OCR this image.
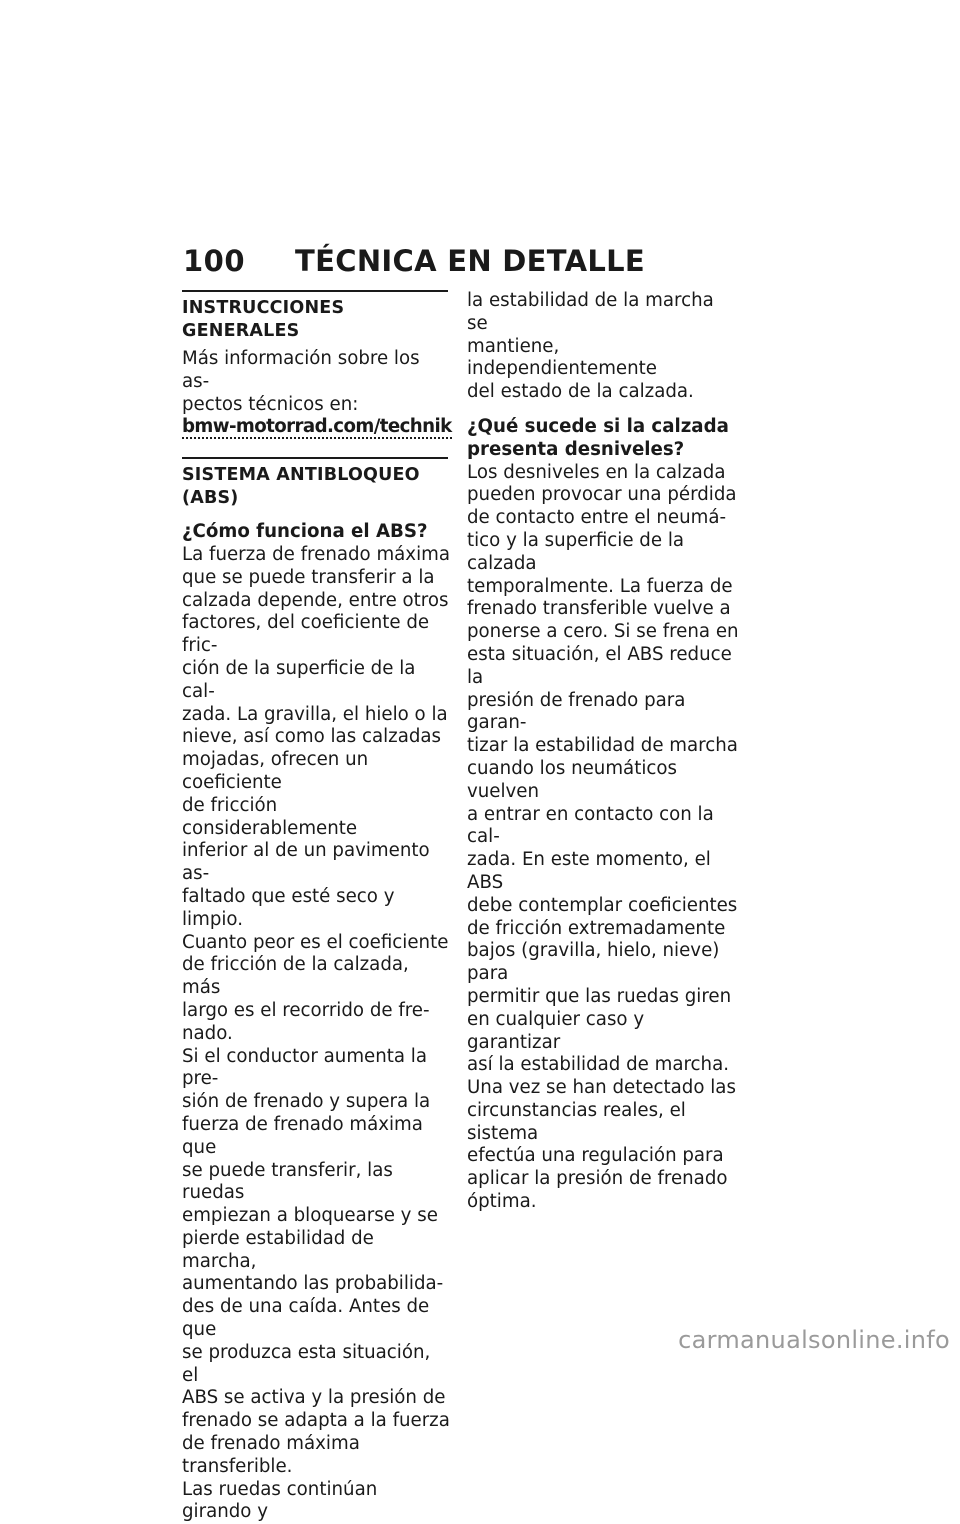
100 TÉCNICA EN DETALLE
INSTRUCCIONES GENERALES

Más información sobre los as-

pectos técnicos en:

bmw-motorrad.com/technik

SISTEMA ANTIBLOQUEO
(ABS)

¿Cómo funciona el ABS?

La fuerza de frenado máxima

que se puede transferir a la

calzada depende, entre otros

factores, del coeficiente de fric-

ción de la superficie de la cal-

zada. La gravilla, el hielo o la

nieve, así como las calzadas

mojadas, ofrecen un coeficiente

de fricción considerablemente

inferior al de un pavimento as-

faltado que esté seco y limpio.

Cuanto peor es el coeficiente

de fricción de la calzada, más

largo es el recorrido de fre-

nado.

Si el conductor aumenta la pre-

sión de frenado y supera la

fuerza de frenado máxima que

se puede transferir, las ruedas

empiezan a bloquearse y se

pierde estabilidad de marcha,

aumentando las probabilida-

des de una caída. Antes de que

se produzca esta situación, el

ABS se activa y la presión de

frenado se adapta a la fuerza

de frenado máxima transferible.

Las ruedas continúan girando y

la estabilidad de la marcha se

mantiene, independientemente

del estado de la calzada.

¿Qué sucede si la calzada

presenta desniveles?

Los desniveles en la calzada

pueden provocar una pérdida

de contacto entre el neumá-

tico y la superficie de la calzada

temporalmente. La fuerza de

frenado transferible vuelve a

ponerse a cero. Si se frena en

esta situación, el ABS reduce la

presión de frenado para garan-

tizar la estabilidad de marcha

cuando los neumáticos vuelven

a entrar en contacto con la cal-

zada. En este momento, el ABS

debe contemplar coeficientes

de fricción extremadamente

bajos (gravilla, hielo, nieve) para

permitir que las ruedas giren

en cualquier caso y garantizar

así la estabilidad de marcha.

Una vez se han detectado las

circunstancias reales, el sistema

efectúa una regulación para

aplicar la presión de frenado

óptima.

carmanualsonline.info
